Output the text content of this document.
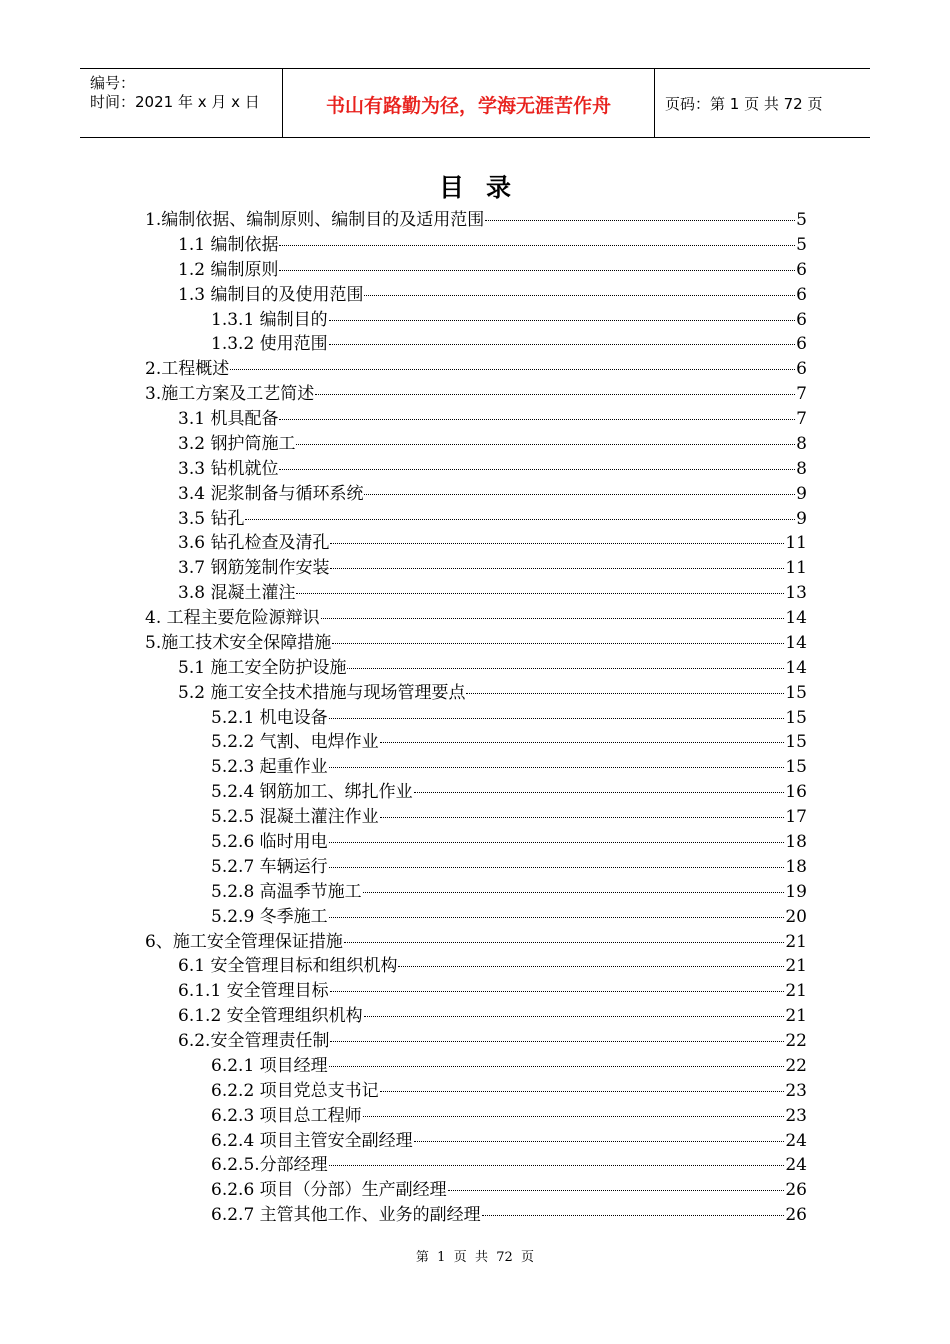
编号：
时间：2021 年 x 月 x 日	书山有路勤为径，学海无涯苦作舟	页码：第 1 页 共 72 页
目录
1.编制依据、编制原则、编制目的及适用范围	5
1.1 编制依据	5
1.2 编制原则	6
1.3 编制目的及使用范围	6
1.3.1 编制目的	6
1.3.2 使用范围	6
2.工程概述	6
3.施工方案及工艺简述	7
3.1 机具配备	7
3.2 钢护筒施工	8
3.3 钻机就位	8
3.4 泥浆制备与循环系统	9
3.5 钻孔	9
3.6 钻孔检查及清孔	11
3.7 钢筋笼制作安装	11
3.8 混凝土灌注	13
4. 工程主要危险源辩识	14
5.施工技术安全保障措施	14
5.1 施工安全防护设施	14
5.2 施工安全技术措施与现场管理要点	15
5.2.1 机电设备	15
5.2.2 气割、电焊作业	15
5.2.3 起重作业	15
5.2.4 钢筋加工、绑扎作业	16
5.2.5 混凝土灌注作业	17
5.2.6 临时用电	18
5.2.7 车辆运行	18
5.2.8 高温季节施工	19
5.2.9 冬季施工	20
6、施工安全管理保证措施	21
6.1 安全管理目标和组织机构	21
6.1.1 安全管理目标	21
6.1.2 安全管理组织机构	21
6.2.安全管理责任制	22
6.2.1 项目经理	22
6.2.2 项目党总支书记	23
6.2.3 项目总工程师	23
6.2.4 项目主管安全副经理	24
6.2.5.分部经理	24
6.2.6 项目（分部）生产副经理	26
6.2.7 主管其他工作、业务的副经理	26
第  1  页  共  72  页
